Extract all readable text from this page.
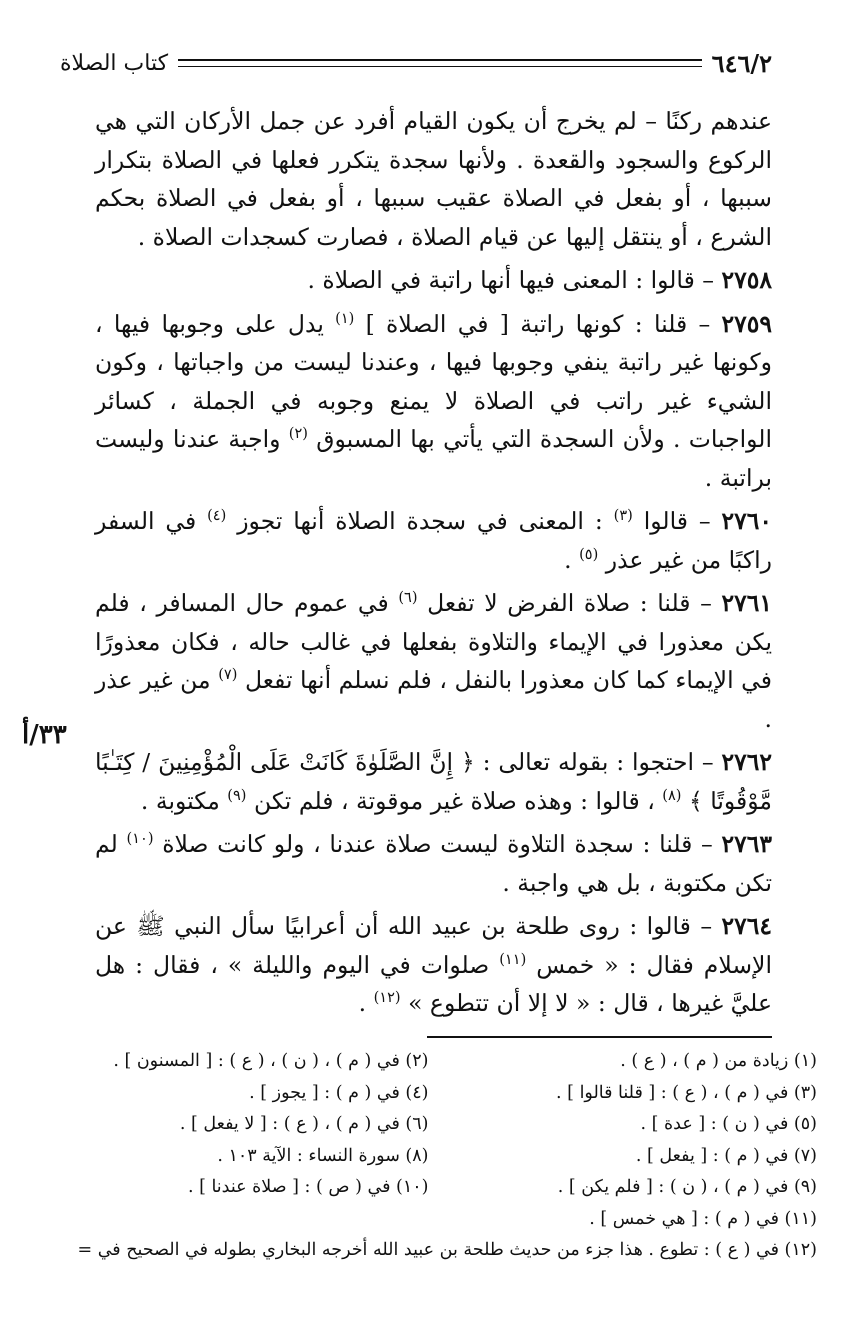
٦٤٦/٢
كتاب الصلاة
٣٣/أ

عندهم ركنًا – لم يخرج أن يكون القيام أفرد عن جمل الأركان التي هي الركوع والسجود والقعدة . ولأنها سجدة يتكرر فعلها في الصلاة بتكرار سببها ، أو بفعل في الصلاة عقيب سببها ، أو بفعل في الصلاة بحكم الشرع ، أو ينتقل إليها عن قيام الصلاة ، فصارت كسجدات الصلاة .

٢٧٥٨ – قالوا : المعنى فيها أنها راتبة في الصلاة .

٢٧٥٩ – قلنا : كونها راتبة [ في الصلاة ] $^{(١)}$ يدل على وجوبها فيها ، وكونها غير راتبة ينفي وجوبها فيها ، وعندنا ليست من واجباتها ، وكون الشيء غير راتب في الصلاة لا يمنع وجوبه في الجملة ، كسائر الواجبات . ولأن السجدة التي يأتي بها المسبوق $^{(٢)}$ واجبة عندنا وليست براتبة .

٢٧٦٠ – قالوا $^{(٣)}$ : المعنى في سجدة الصلاة أنها تجوز $^{(٤)}$ في السفر راكبًا من غير عذر $^{(٥)}$ .

٢٧٦١ – قلنا : صلاة الفرض لا تفعل $^{(٦)}$ في عموم حال المسافر ، فلم يكن معذورا في الإيماء والتلاوة بفعلها في غالب حاله ، فكان معذورًا في الإيماء كما كان معذورا بالنفل ، فلم نسلم أنها تفعل $^{(٧)}$ من غير عذر .

٢٧٦٢ – احتجوا : بقوله تعالى : ﴿ إِنَّ الصَّلَوٰةَ كَانَتْ عَلَى الْمُؤْمِنِينَ / كِتَـٰبًا مَّوْقُوتًا ﴾ $^{(٨)}$ ، قالوا : وهذه صلاة غير موقوتة ، فلم تكن $^{(٩)}$ مكتوبة .

٢٧٦٣ – قلنا : سجدة التلاوة ليست صلاة عندنا ، ولو كانت صلاة $^{(١٠)}$ لم تكن مكتوبة ، بل هي واجبة .

٢٧٦٤ – قالوا : روى طلحة بن عبيد الله أن أعرابيًا سأل النبي ﷺ عن الإسلام فقال : « خمس $^{(١١)}$ صلوات في اليوم والليلة » ، فقال : هل عليَّ غيرها ، قال : « لا إلا أن تتطوع » $^{(١٢)}$ .

(١) زيادة من ( م ) ، ( ع ) .
(٢) في ( م ) ، ( ن ) ، ( ع ) : [ المسنون ] .
(٣) في ( م ) ، ( ع ) : [ قلنا قالوا ] .
(٤) في ( م ) : [ يجوز ] .
(٥) في ( ن ) : [ عدة ] .
(٦) في ( م ) ، ( ع ) : [ لا يفعل ] .
(٧) في ( م ) : [ يفعل ] .
(٨) سورة النساء : الآية ١٠٣ .
(٩) في ( م ) ، ( ن ) : [ فلم يكن ] .
(١٠) في ( ص ) : [ صلاة عندنا ] .
(١١) في ( م ) : [ هي خمس ] .
(١٢) في ( ع ) : تطوع . هذا جزء من حديث طلحة بن عبيد الله أخرجه البخاري بطوله في الصحيح في =
